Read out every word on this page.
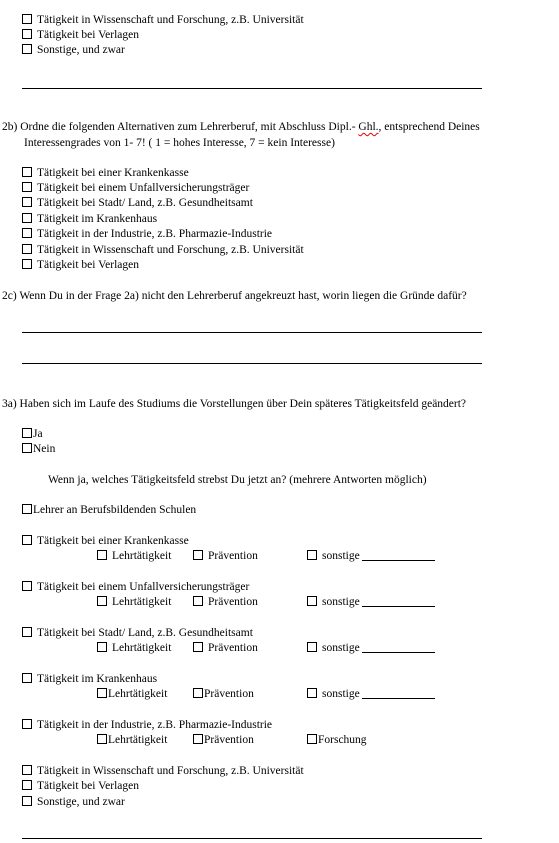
Tätigkeit in Wissenschaft und Forschung, z.B. Universität
Tätigkeit bei Verlagen
Sonstige, und zwar
2b) Ordne die folgenden Alternativen zum Lehrerberuf, mit Abschluss Dipl.- Ghl., entsprechend Deines
Interessengrades von 1- 7! ( 1 = hohes Interesse, 7 = kein Interesse)
Tätigkeit bei einer Krankenkasse
Tätigkeit bei einem Unfallversicherungsträger
Tätigkeit bei Stadt/ Land, z.B. Gesundheitsamt
Tätigkeit im Krankenhaus
Tätigkeit in der Industrie, z.B. Pharmazie-Industrie
Tätigkeit in Wissenschaft und Forschung, z.B. Universität
Tätigkeit bei Verlagen
2c) Wenn Du in der Frage 2a) nicht den Lehrerberuf angekreuzt hast, worin liegen die Gründe dafür?
3a) Haben sich im Laufe des Studiums die Vorstellungen über Dein späteres Tätigkeitsfeld geändert?
Ja
Nein
Wenn ja, welches Tätigkeitsfeld strebst Du jetzt an? (mehrere Antworten möglich)
Lehrer an Berufsbildenden Schulen
Tätigkeit bei einer Krankenkasse
Lehrtätigkeit	Prävention	sonstige
Tätigkeit bei einem Unfallversicherungsträger
Lehrtätigkeit	Prävention	sonstige
Tätigkeit bei Stadt/ Land, z.B. Gesundheitsamt
Lehrtätigkeit	Prävention	sonstige
Tätigkeit im Krankenhaus
Lehrtätigkeit	Prävention	sonstige
Tätigkeit in der Industrie, z.B. Pharmazie-Industrie
Lehrtätigkeit	Prävention	Forschung
Tätigkeit in Wissenschaft und Forschung, z.B. Universität
Tätigkeit bei Verlagen
Sonstige, und zwar
